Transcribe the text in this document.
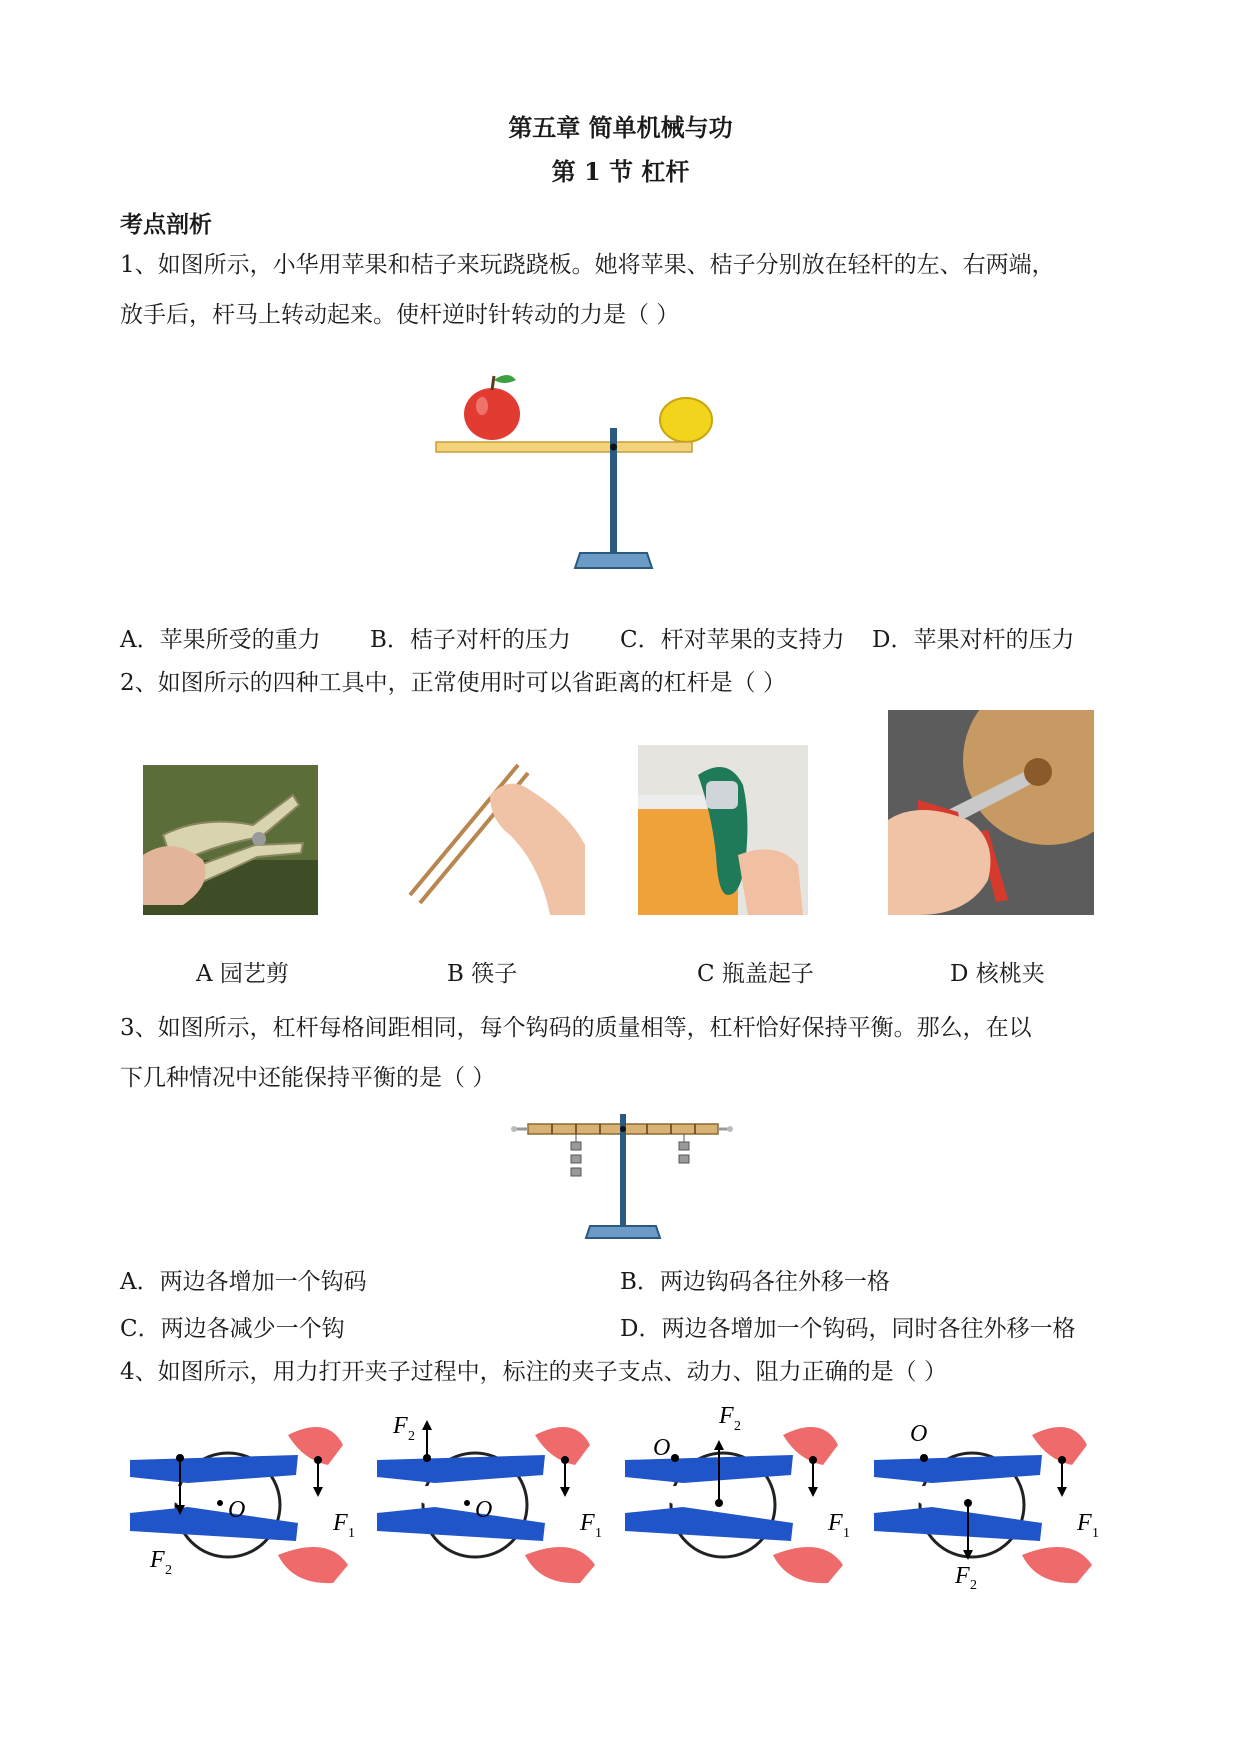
第五章 简单机械与功
第 1 节 杠杆
考点剖析
1、如图所示，小华用苹果和桔子来玩跷跷板。她将苹果、桔子分别放在轻杆的左、右两端，
放手后，杆马上转动起来。使杆逆时针转动的力是（ ）
A．苹果所受的重力 B．桔子对杆的压力 C．杆对苹果的支持力 D．苹果对杆的压力
2、如图所示的四种工具中，正常使用时可以省距离的杠杆是（ ）
A 园艺剪	B 筷子	C 瓶盖起子	D 核桃夹
3、如图所示，杠杆每格间距相同，每个钩码的质量相等，杠杆恰好保持平衡。那么，在以
下几种情况中还能保持平衡的是（ ）
A．两边各增加一个钩码	B．两边钩码各往外移一格
C．两边各减少一个钩	D．两边各增加一个钩码，同时各往外移一格
4、如图所示，用力打开夹子过程中，标注的夹子支点、动力、阻力正确的是（ ）
O	F 1
F 2
O	F 1
F 2	O
F 1
F 2	O
F 1
F 2
